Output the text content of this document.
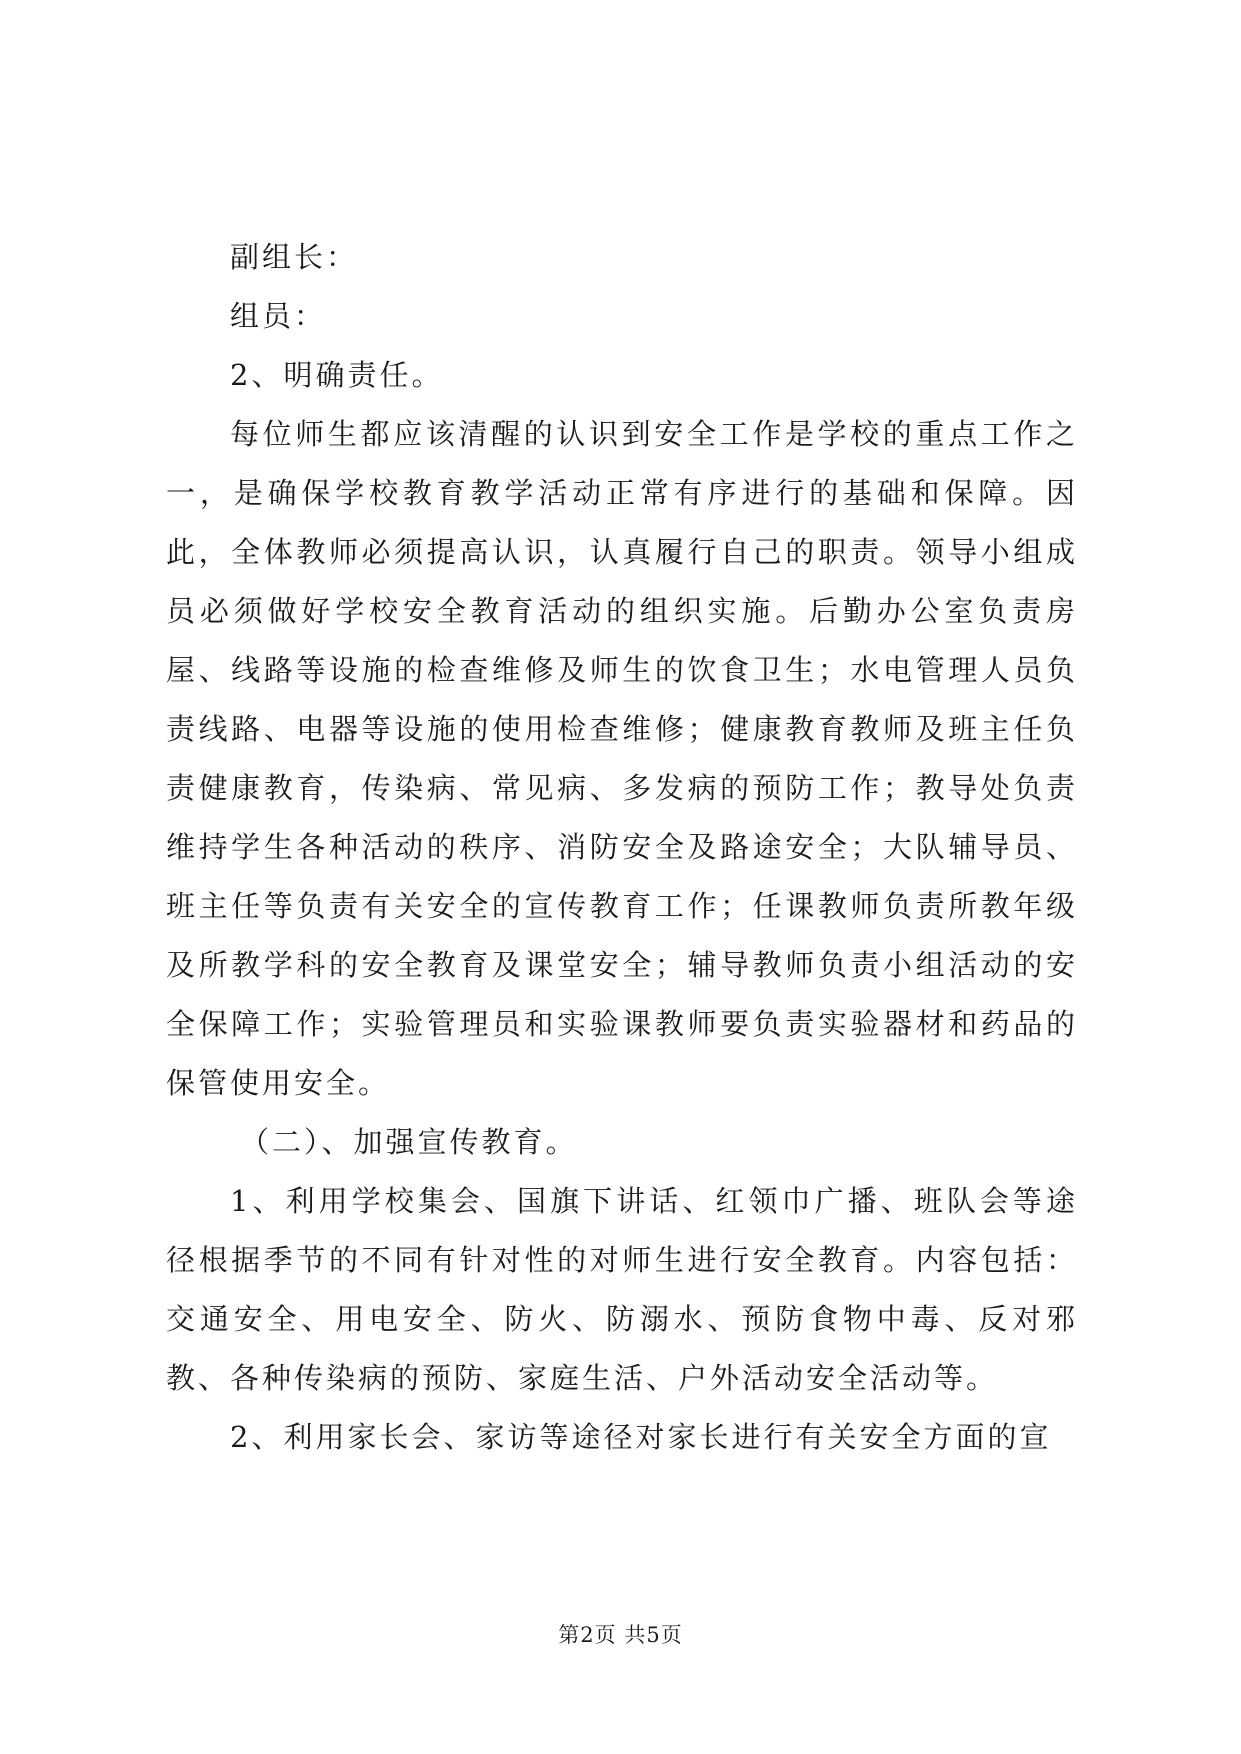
副组长：

组员：

2、明确责任。

每位师生都应该清醒的认识到安全工作是学校的重点工作之一，是确保学校教育教学活动正常有序进行的基础和保障。因此，全体教师必须提高认识，认真履行自己的职责。领导小组成员必须做好学校安全教育活动的组织实施。后勤办公室负责房屋、线路等设施的检查维修及师生的饮食卫生；水电管理人员负责线路、电器等设施的使用检查维修；健康教育教师及班主任负责健康教育，传染病、常见病、多发病的预防工作；教导处负责维持学生各种活动的秩序、消防安全及路途安全；大队辅导员、班主任等负责有关安全的宣传教育工作；任课教师负责所教年级及所教学科的安全教育及课堂安全；辅导教师负责小组活动的安全保障工作；实验管理员和实验课教师要负责实验器材和药品的保管使用安全。

（二）、加强宣传教育。

1、利用学校集会、国旗下讲话、红领巾广播、班队会等途径根据季节的不同有针对性的对师生进行安全教育。内容包括：交通安全、用电安全、防火、防溺水、预防食物中毒、反对邪教、各种传染病的预防、家庭生活、户外活动安全活动等。

2、利用家长会、家访等途径对家长进行有关安全方面的宣

第2页 共5页
